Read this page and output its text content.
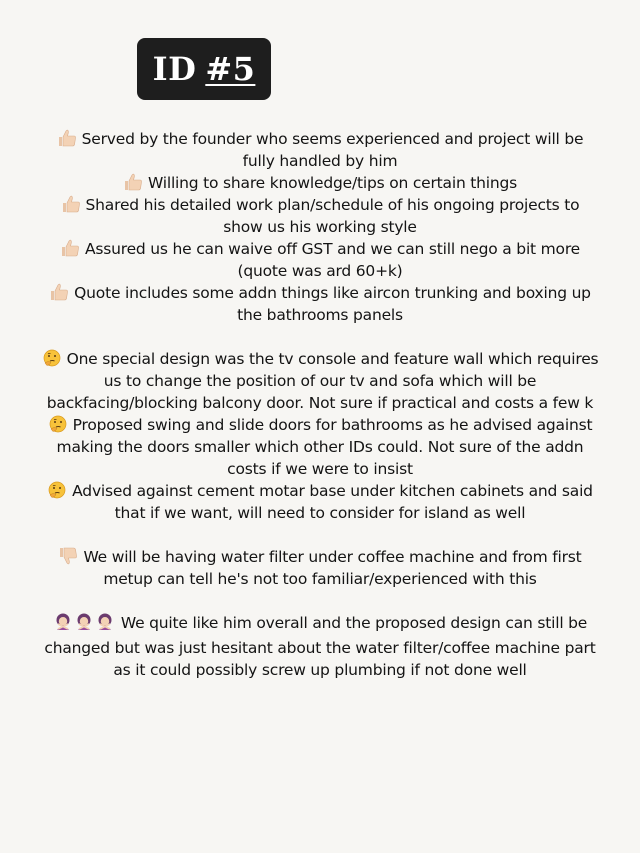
ID #5

Served by the founder who seems experienced and project will be fully handled by him

Willing to share knowledge/tips on certain things

Shared his detailed work plan/schedule of his ongoing projects to show us his working style

Assured us he can waive off GST and we can still nego a bit more (quote was ard 60+k)

Quote includes some addn things like aircon trunking and boxing up the bathrooms panels

One special design was the tv console and feature wall which requires us to change the position of our tv and sofa which will be backfacing/blocking balcony door. Not sure if practical and costs a few k

Proposed swing and slide doors for bathrooms as he advised against making the doors smaller which other IDs could. Not sure of the addn costs if we were to insist

Advised against cement motar base under kitchen cabinets and said that if we want, will need to consider for island as well

We will be having water filter under coffee machine and from first metup can tell he's not too familiar/experienced with this

We quite like him overall and the proposed design can still be changed but was just hesitant about the water filter/coffee machine part as it could possibly screw up plumbing if not done well
